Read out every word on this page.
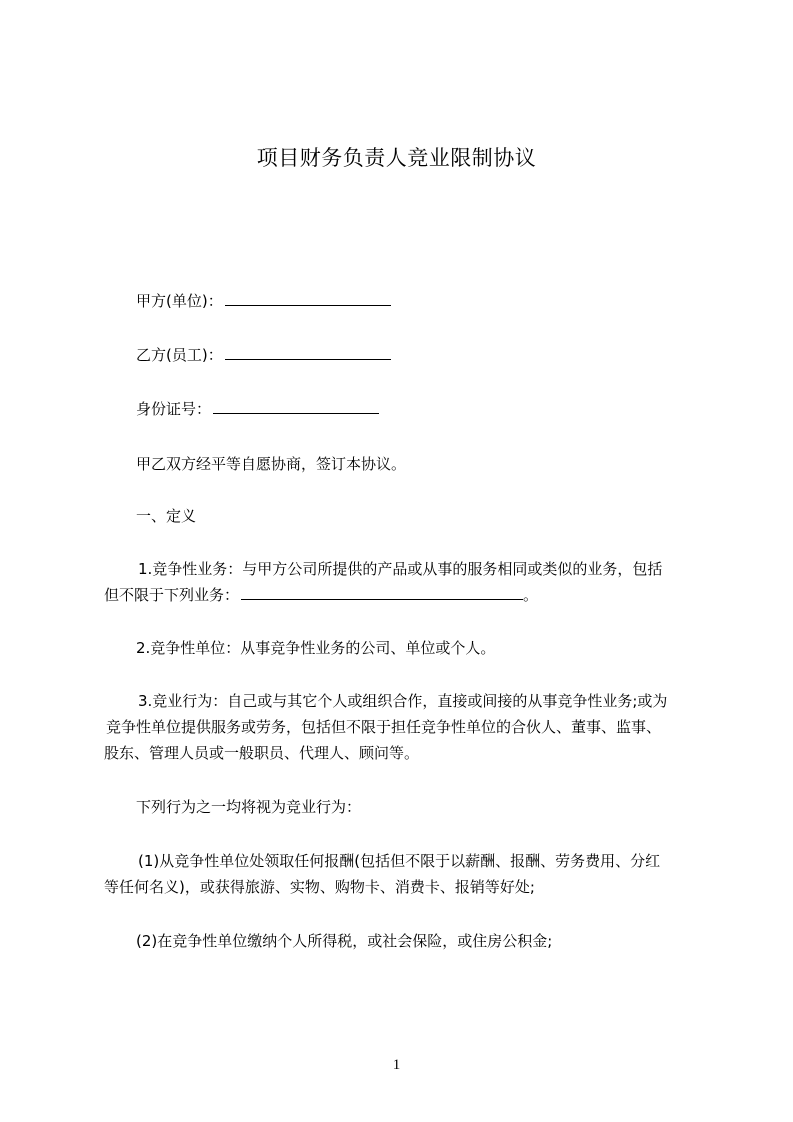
项目财务负责人竞业限制协议
甲方(单位)：
乙方(员工)：
身份证号：
甲乙双方经平等自愿协商，签订本协议。
一、定义
1.竞争性业务：与甲方公司所提供的产品或从事的服务相同或类似的业务，包括
但不限于下列业务：	。
2.竞争性单位：从事竞争性业务的公司、单位或个人。
3.竞业行为：自己或与其它个人或组织合作，直接或间接的从事竞争性业务;或为
竞争性单位提供服务或劳务，包括但不限于担任竞争性单位的合伙人、董事、监事、
股东、管理人员或一般职员、代理人、顾问等。
下列行为之一均将视为竞业行为：
(1)从竞争性单位处领取任何报酬(包括但不限于以薪酬、报酬、劳务费用、分红
等任何名义)，或获得旅游、实物、购物卡、消费卡、报销等好处;
(2)在竞争性单位缴纳个人所得税，或社会保险，或住房公积金;
1
